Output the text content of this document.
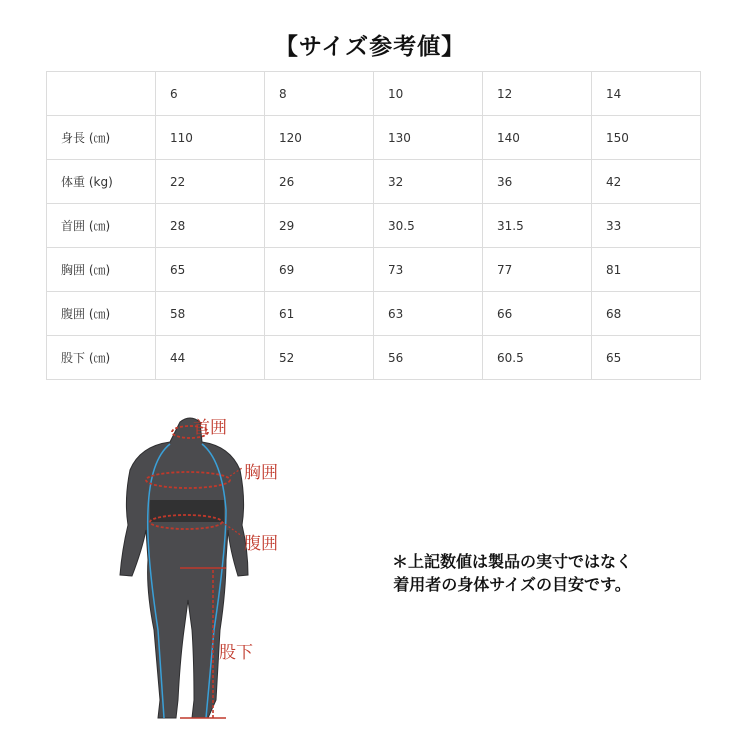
【サイズ参考値】
	6	8	10	12	14
身長 (㎝)	110	120	130	140	150
体重 (kg)	22	26	32	36	42
首囲 (㎝)	28	29	30.5	31.5	33
胸囲 (㎝)	65	69	73	77	81
腹囲 (㎝)	58	61	63	66	68
股下 (㎝)	44	52	56	60.5	65
首囲
胸囲
腹囲
股下
＊上記数値は製品の実寸ではなく
着用者の身体サイズの目安です。
